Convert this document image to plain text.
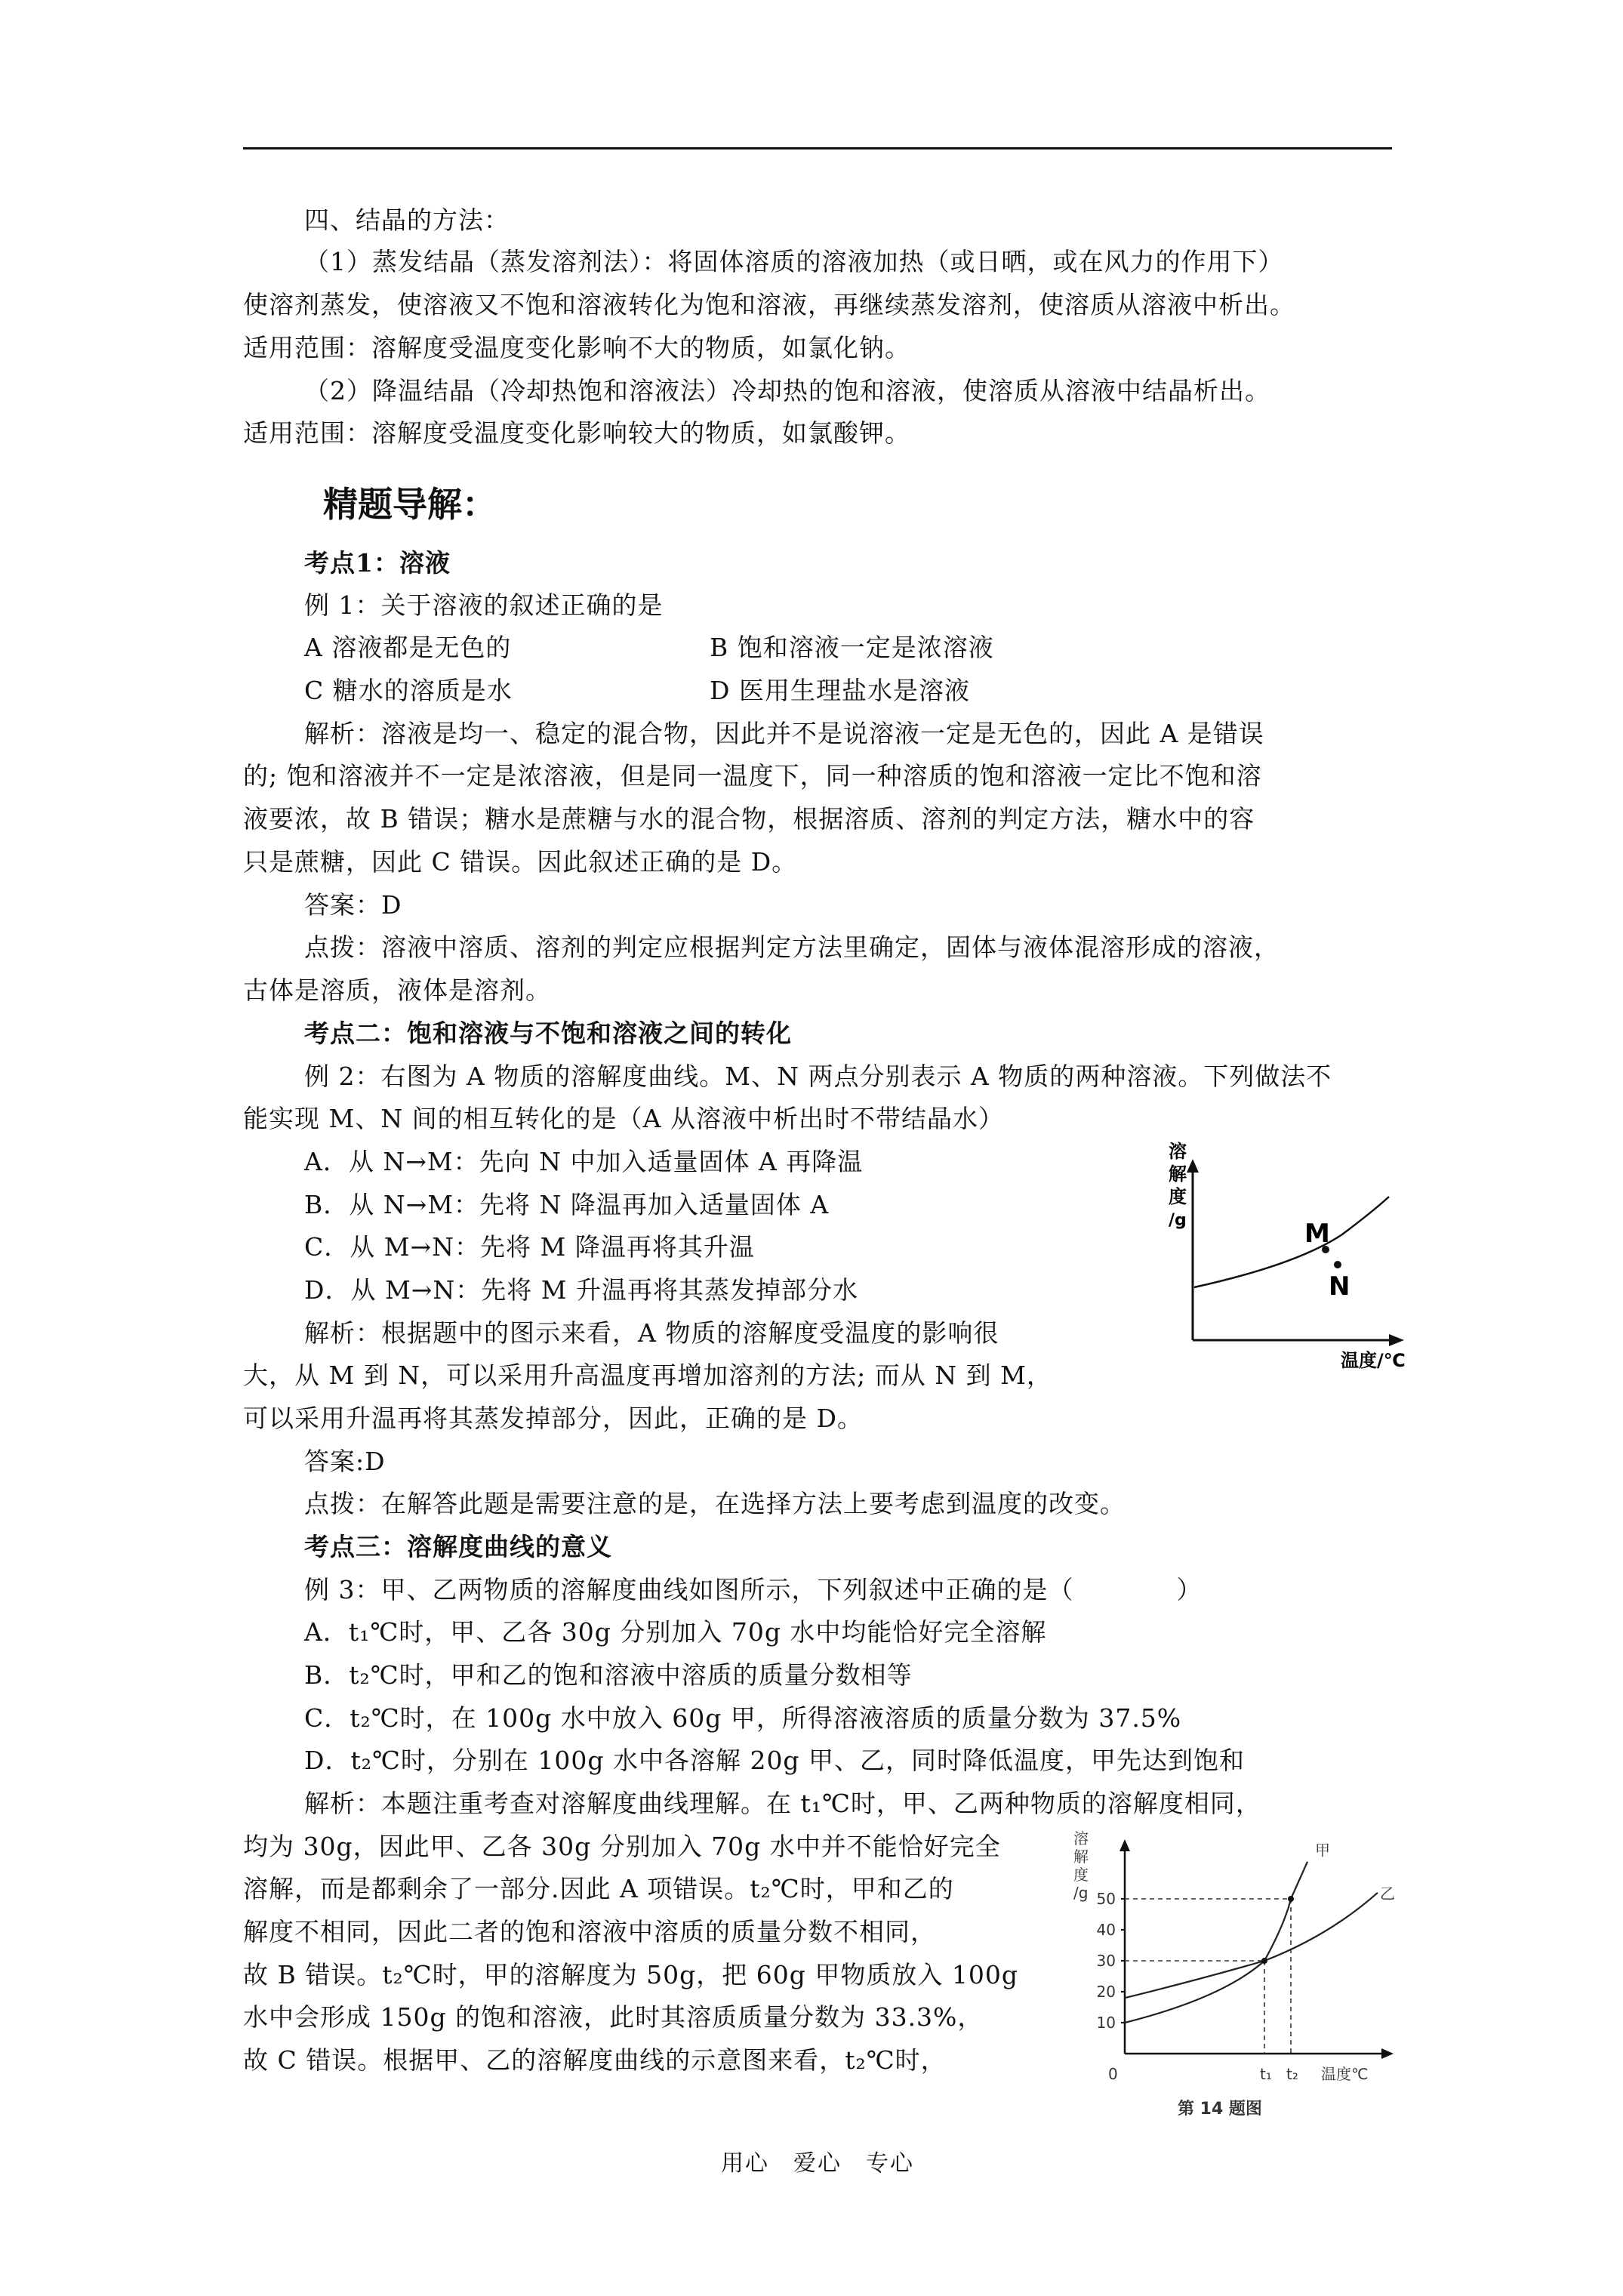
四、结晶的方法：
（1）蒸发结晶（蒸发溶剂法）：将固体溶质的溶液加热（或日晒，或在风力的作用下）
使溶剂蒸发，使溶液又不饱和溶液转化为饱和溶液，再继续蒸发溶剂，使溶质从溶液中析出。
适用范围：溶解度受温度变化影响不大的物质，如氯化钠。
（2）降温结晶（冷却热饱和溶液法）冷却热的饱和溶液，使溶质从溶液中结晶析出。
适用范围：溶解度受温度变化影响较大的物质，如氯酸钾。
考点1：溶液
例 1：关于溶液的叙述正确的是
A 溶液都是无色的	B 饱和溶液一定是浓溶液
C 糖水的溶质是水	D 医用生理盐水是溶液
解析：溶液是均一、稳定的混合物，因此并不是说溶液一定是无色的，因此 A 是错误
的; 饱和溶液并不一定是浓溶液，但是同一温度下，同一种溶质的饱和溶液一定比不饱和溶
液要浓，故 B 错误；糖水是蔗糖与水的混合物，根据溶质、溶剂的判定方法，糖水中的容
只是蔗糖，因此 C 错误。因此叙述正确的是 D。
答案：D
点拨：溶液中溶质、溶剂的判定应根据判定方法里确定，固体与液体混溶形成的溶液，
古体是溶质，液体是溶剂。
考点二：饱和溶液与不饱和溶液之间的转化
例 2：右图为 A 物质的溶解度曲线。M、N 两点分别表示 A 物质的两种溶液。下列做法不
能实现 M、N 间的相互转化的是（A 从溶液中析出时不带结晶水）
A．从 N→M：先向 N 中加入适量固体 A 再降温
B．从 N→M：先将 N 降温再加入适量固体 A
C．从 M→N：先将 M 降温再将其升温
D．从 M→N：先将 M 升温再将其蒸发掉部分水
解析：根据题中的图示来看，A 物质的溶解度受温度的影响很
大，从 M 到 N，可以采用升高温度再增加溶剂的方法; 而从 N 到 M，
可以采用升温再将其蒸发掉部分，因此，正确的是 D。
答案:D
点拨：在解答此题是需要注意的是，在选择方法上要考虑到温度的改变。
考点三：溶解度曲线的意义
例 3：甲、乙两物质的溶解度曲线如图所示，下列叙述中正确的是（　　　　）
A．t₁℃时，甲、乙各 30g 分别加入 70g 水中均能恰好完全溶解
B．t₂℃时，甲和乙的饱和溶液中溶质的质量分数相等
C．t₂℃时，在 100g 水中放入 60g 甲，所得溶液溶质的质量分数为 37.5%
D．t₂℃时，分别在 100g 水中各溶解 20g 甲、乙，同时降低温度，甲先达到饱和
解析：本题注重考查对溶解度曲线理解。在 t₁℃时，甲、乙两种物质的溶解度相同，
均为 30g，因此甲、乙各 30g 分别加入 70g 水中并不能恰好完全
溶解，而是都剩余了一部分.因此 A 项错误。t₂℃时，甲和乙的
解度不相同，因此二者的饱和溶液中溶质的质量分数不相同，
故 B 错误。t₂℃时，甲的溶解度为 50g，把 60g 甲物质放入 100g
水中会形成 150g 的饱和溶液，此时其溶质质量分数为 33.3%，
故 C 错误。根据甲、乙的溶解度曲线的示意图来看，t₂℃时，
精题导解：
溶
解
度
/g	M
N
温度/℃
溶
解
度
/g
10
20
30
40
50
0	t₁ t₂
甲
乙
温度℃
第 14 题图
用心　爱心　专心
